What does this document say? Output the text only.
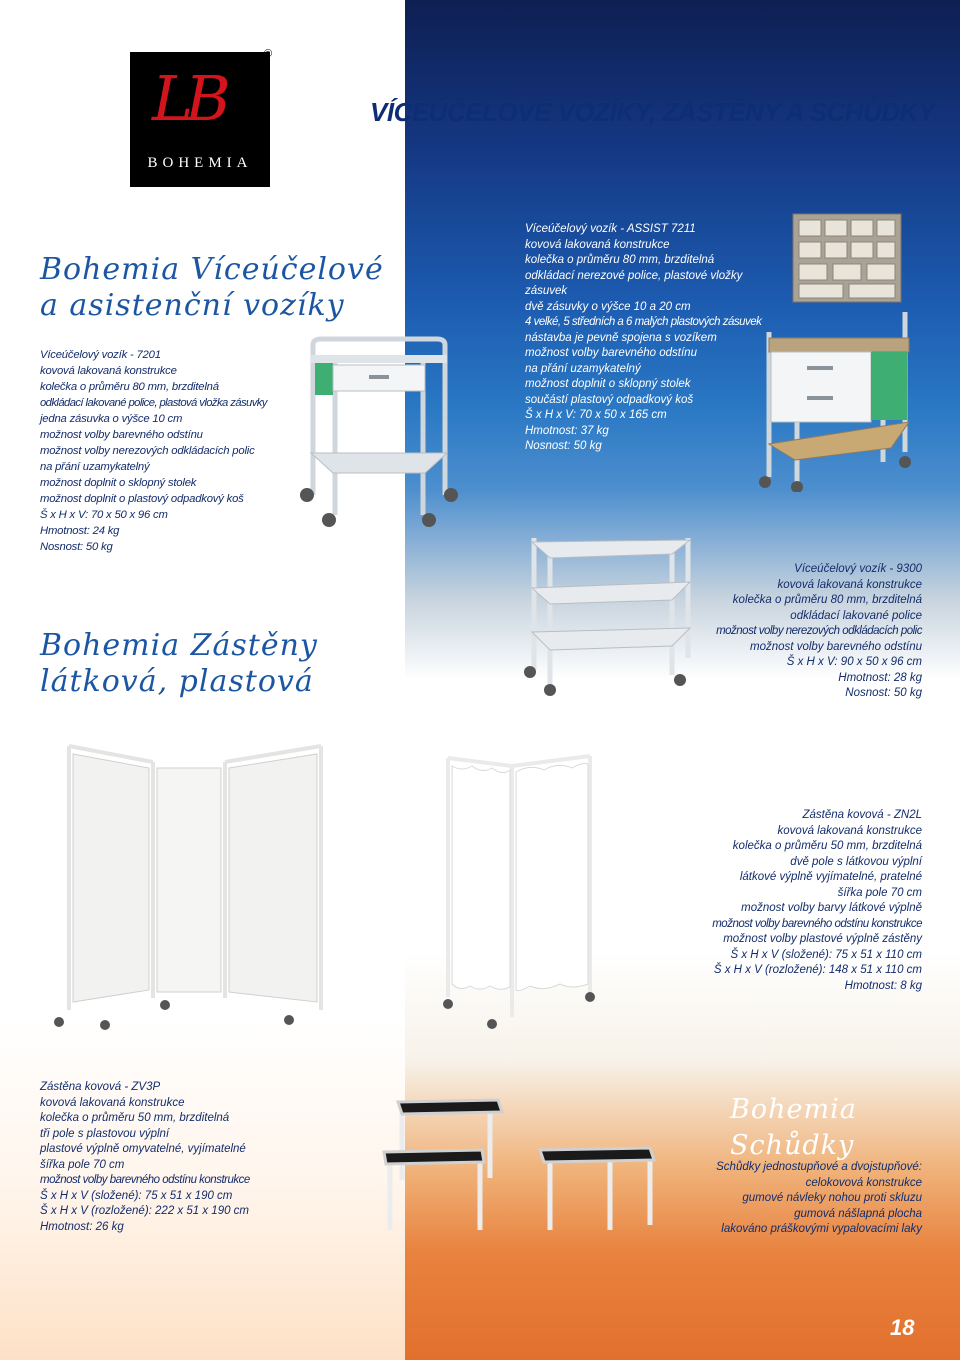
LB
BOHEMIA
®
VÍCEÚČELOVÉ VOZÍKY, ZÁSTĚNY A SCHŮDKY
Bohemia Víceúčelové
a asistenční vozíky
Víceúčelový vozík - 7201
kovová lakovaná konstrukce
kolečka o průměru 80 mm, brzditelná
odkládací lakované police, plastová vložka zásuvky
jedna zásuvka o výšce 10 cm
možnost volby barevného odstínu
možnost volby nerezových odkládacích polic
na přání uzamykatelný
možnost doplnit o sklopný stolek
možnost doplnit o plastový odpadkový koš
Š x H x V: 70 x 50 x 96 cm
Hmotnost: 24 kg
Nosnost: 50 kg
Bohemia Zástěny
látková, plastová
Víceúčelový vozík - ASSIST 7211
kovová lakovaná konstrukce
kolečka o průměru 80 mm, brzditelná
odkládací nerezové police, plastové vložky zásuvek
dvě zásuvky o výšce 10 a 20 cm
4 velké, 5 středních a 6 malých plastových zásuvek
nástavba je pevně spojena s vozíkem
možnost volby barevného odstínu
na přání uzamykatelný
možnost doplnit o sklopný stolek
součástí plastový odpadkový koš
Š x H x V: 70 x 50 x 165 cm
Hmotnost: 37 kg
Nosnost: 50 kg
Víceúčelový vozík - 9300
kovová lakovaná konstrukce
kolečka o průměru 80 mm, brzditelná
odkládací lakované police
možnost volby nerezových odkládacích polic
možnost volby barevného odstínu
Š x H x V: 90 x 50 x 96 cm
Hmotnost: 28 kg
Nosnost: 50 kg
Zástěna kovová - ZN2L
kovová lakovaná konstrukce
kolečka o průměru 50 mm, brzditelná
dvě pole s látkovou výplní
látkové výplně vyjímatelné, pratelné
šířka pole 70 cm
možnost volby barvy látkové výplně
možnost volby barevného odstínu konstrukce
možnost volby plastové výplně zástěny
Š x H x V (složené): 75 x 51 x 110 cm
Š x H x V (rozložené): 148 x 51 x 110 cm
Hmotnost: 8 kg
Zástěna kovová - ZV3P
kovová lakovaná konstrukce
kolečka o průměru 50 mm, brzditelná
tři pole s plastovou výplní
plastové výplně omyvatelné, vyjímatelné
šířka pole 70 cm
možnost volby barevného odstínu konstrukce
Š x H x V (složené): 75 x 51 x 190 cm
Š x H x V (rozložené): 222 x 51 x 190 cm
Hmotnost: 26 kg
Bohemia Schůdky
Schůdky jednostupňové a dvojstupňové:
celokovová konstrukce
gumové návleky nohou proti skluzu
gumová nášlapná plocha
lakováno práškovými vypalovacími laky
18
